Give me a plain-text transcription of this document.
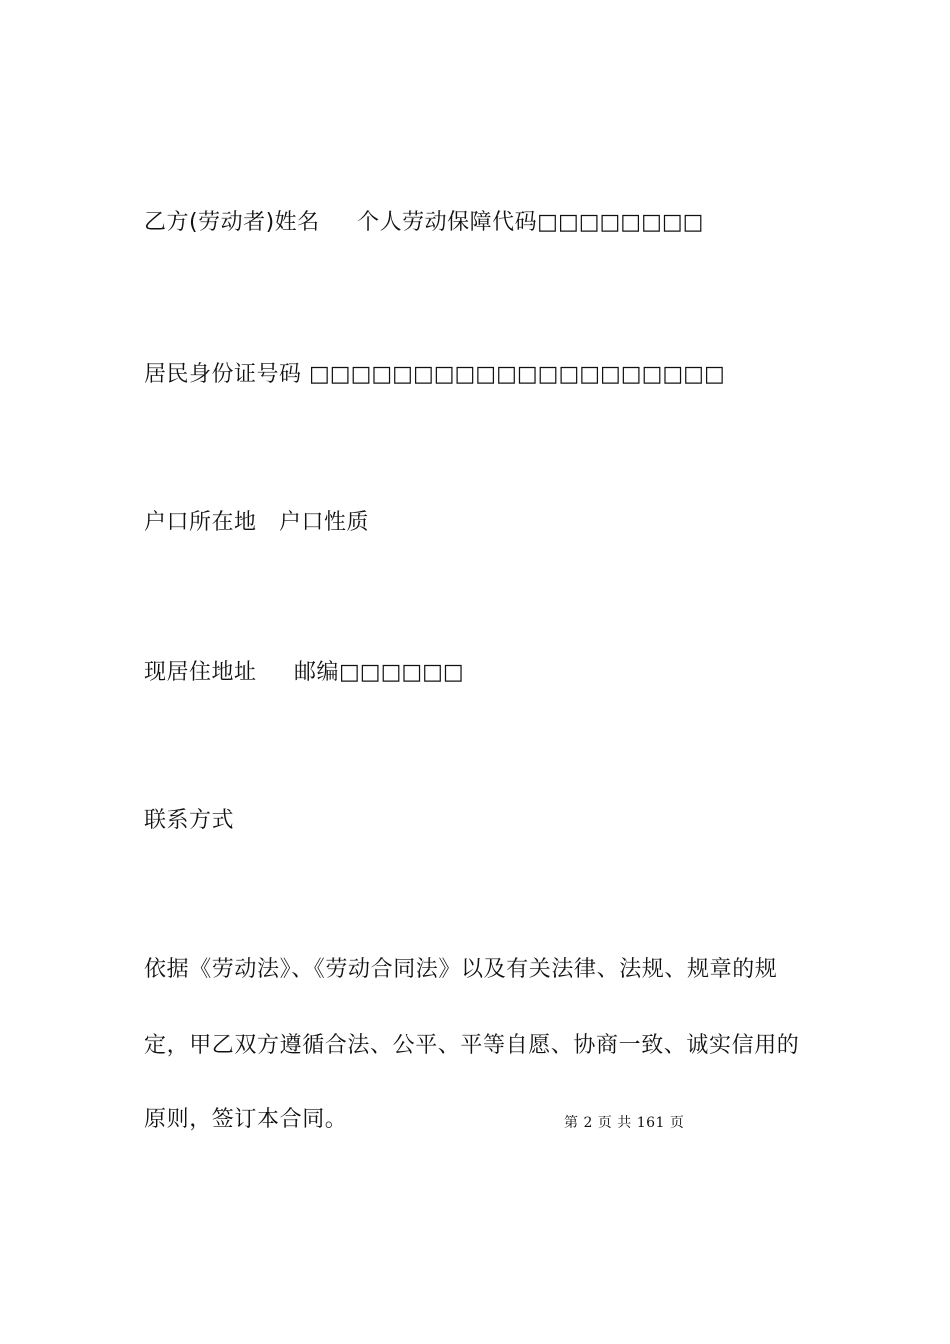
乙方(劳动者)姓名 个人劳动保障代码□□□□□□□□
居民身份证号码 □□□□□□□□□□□□□□□□□□□□
户口所在地 户口性质
现居住地址 邮编□□□□□□
联系方式
依据《劳动法》、《劳动合同法》以及有关法律、法规、规章的规
定，甲乙双方遵循合法、公平、平等自愿、协商一致、诚实信用的
原则，签订本合同。	第 2 页 共 161 页
